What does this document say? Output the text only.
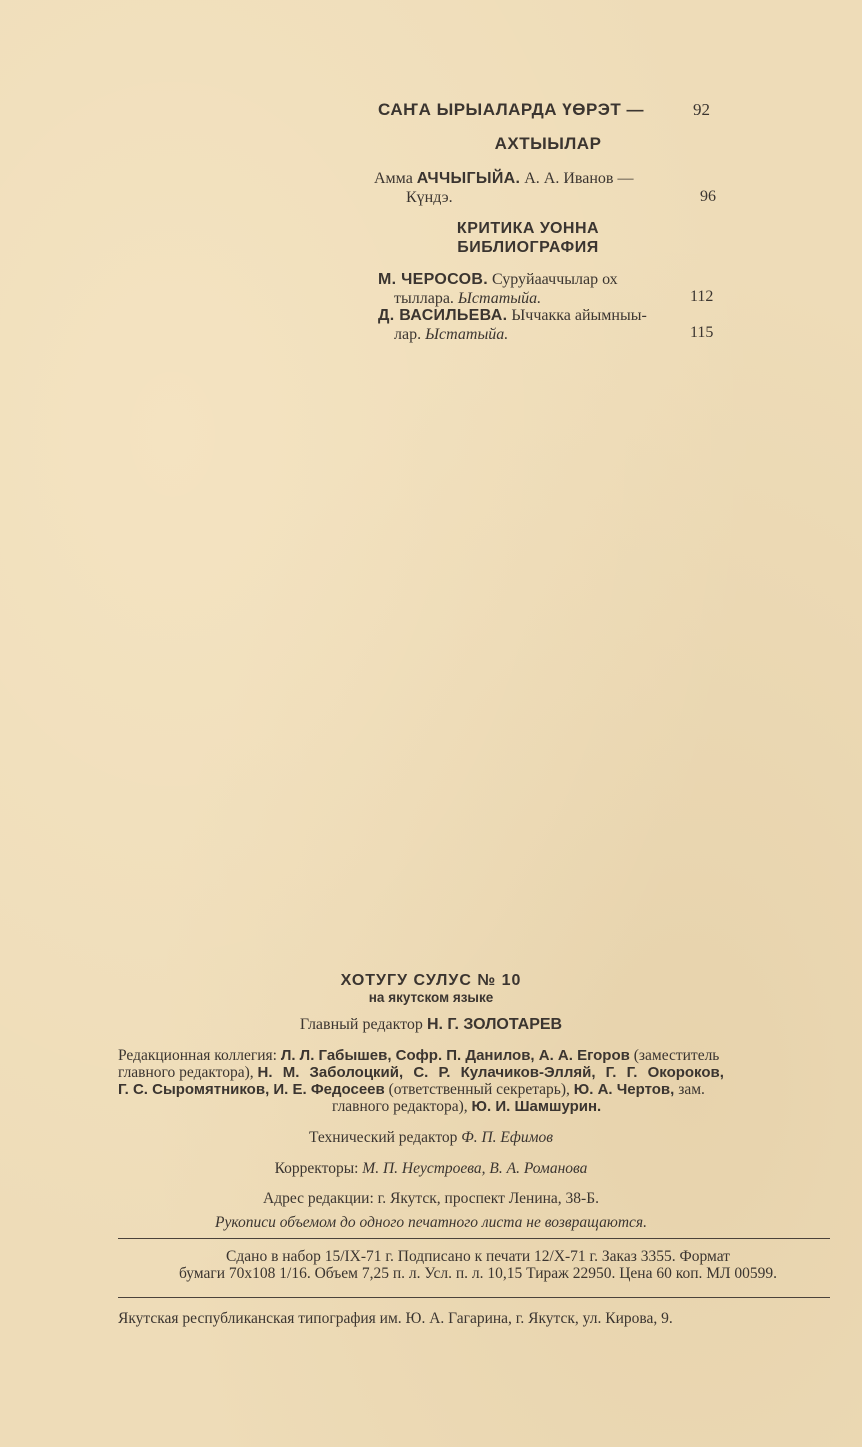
САҤА ЫРЫАЛАРДА ҮӨРЭТ —	92
АХТЫЫЛАР
Амма АЧЧЫГЫЙА. А. А. Иванов —
Күндэ.	96
КРИТИКА УОННА
БИБЛИОГРАФИЯ
М. ЧЕРОСОВ. Суруйааччылар ох
тыллара. Ыстатыйа.	112
Д. ВАСИЛЬЕВА. Ыччакка айымныы-
лар. Ыстатыйа.	115
ХОТУГУ СУЛУС № 10
на якутском языке
Главный редактор Н. Г. ЗОЛОТАРЕВ
Редакционная коллегия: Л. Л. Габышев, Софр. П. Данилов, А. А. Егоров (заместитель
главного редактора), Н. М. Заболоцкий, С. Р. Кулачиков-Элляй, Г. Г. Окороков,
Г. С. Сыромятников, И. Е. Федосеев (ответственный секретарь), Ю. А. Чертов, зам.
главного редактора), Ю. И. Шамшурин.
Технический редактор Ф. П. Ефимов
Корректоры: М. П. Неустроева, В. А. Романова
Адрес редакции: г. Якутск, проспект Ленина, 38-Б.
Рукописи объемом до одного печатного листа не возвращаются.
Сдано в набор 15/IX-71 г. Подписано к печати 12/X-71 г. Заказ 3355. Формат
бумаги 70x108 1/16. Объем 7,25 п. л. Усл. п. л. 10,15 Тираж 22950. Цена 60 коп. МЛ 00599.
Якутская республиканская типография им. Ю. А. Гагарина, г. Якутск, ул. Кирова, 9.
